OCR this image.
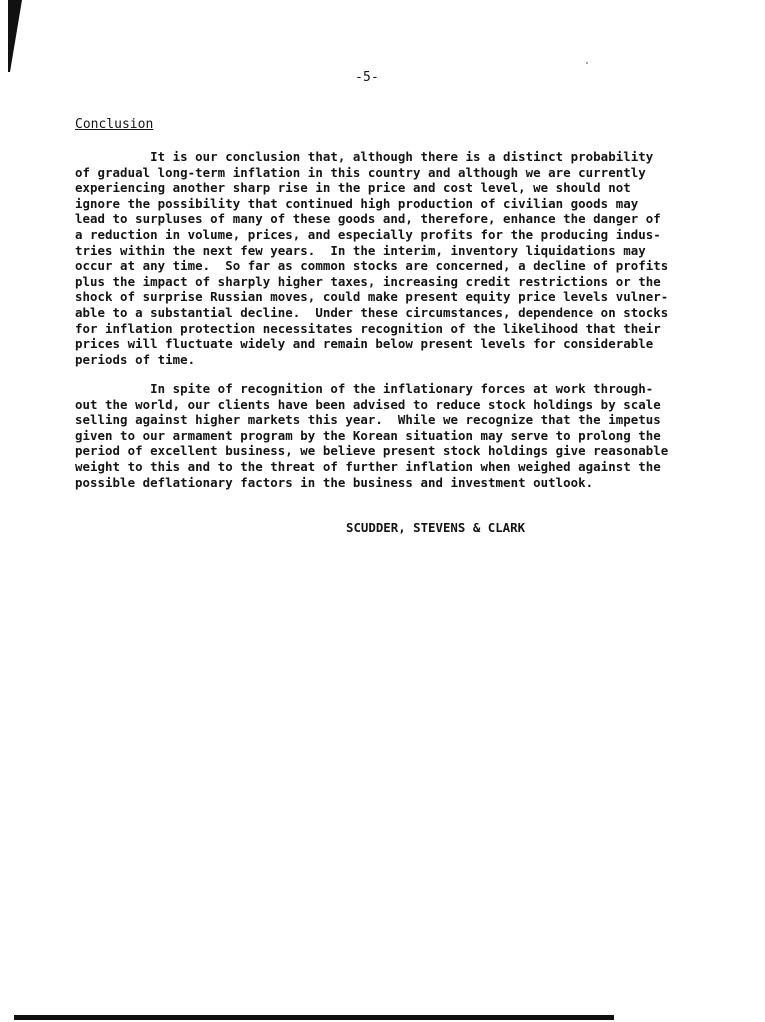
-5-
Conclusion
It is our conclusion that, although there is a distinct probability
of gradual long-term inflation in this country and although we are currently
experiencing another sharp rise in the price and cost level, we should not
ignore the possibility that continued high production of civilian goods may
lead to surpluses of many of these goods and, therefore, enhance the danger of
a reduction in volume, prices, and especially profits for the producing indus-
tries within the next few years.  In the interim, inventory liquidations may
occur at any time.  So far as common stocks are concerned, a decline of profits
plus the impact of sharply higher taxes, increasing credit restrictions or the
shock of surprise Russian moves, could make present equity price levels vulner-
able to a substantial decline.  Under these circumstances, dependence on stocks
for inflation protection necessitates recognition of the likelihood that their
prices will fluctuate widely and remain below present levels for considerable
periods of time.
In spite of recognition of the inflationary forces at work through-
out the world, our clients have been advised to reduce stock holdings by scale
selling against higher markets this year.  While we recognize that the impetus
given to our armament program by the Korean situation may serve to prolong the
period of excellent business, we believe present stock holdings give reasonable
weight to this and to the threat of further inflation when weighed against the
possible deflationary factors in the business and investment outlook.
SCUDDER, STEVENS & CLARK
